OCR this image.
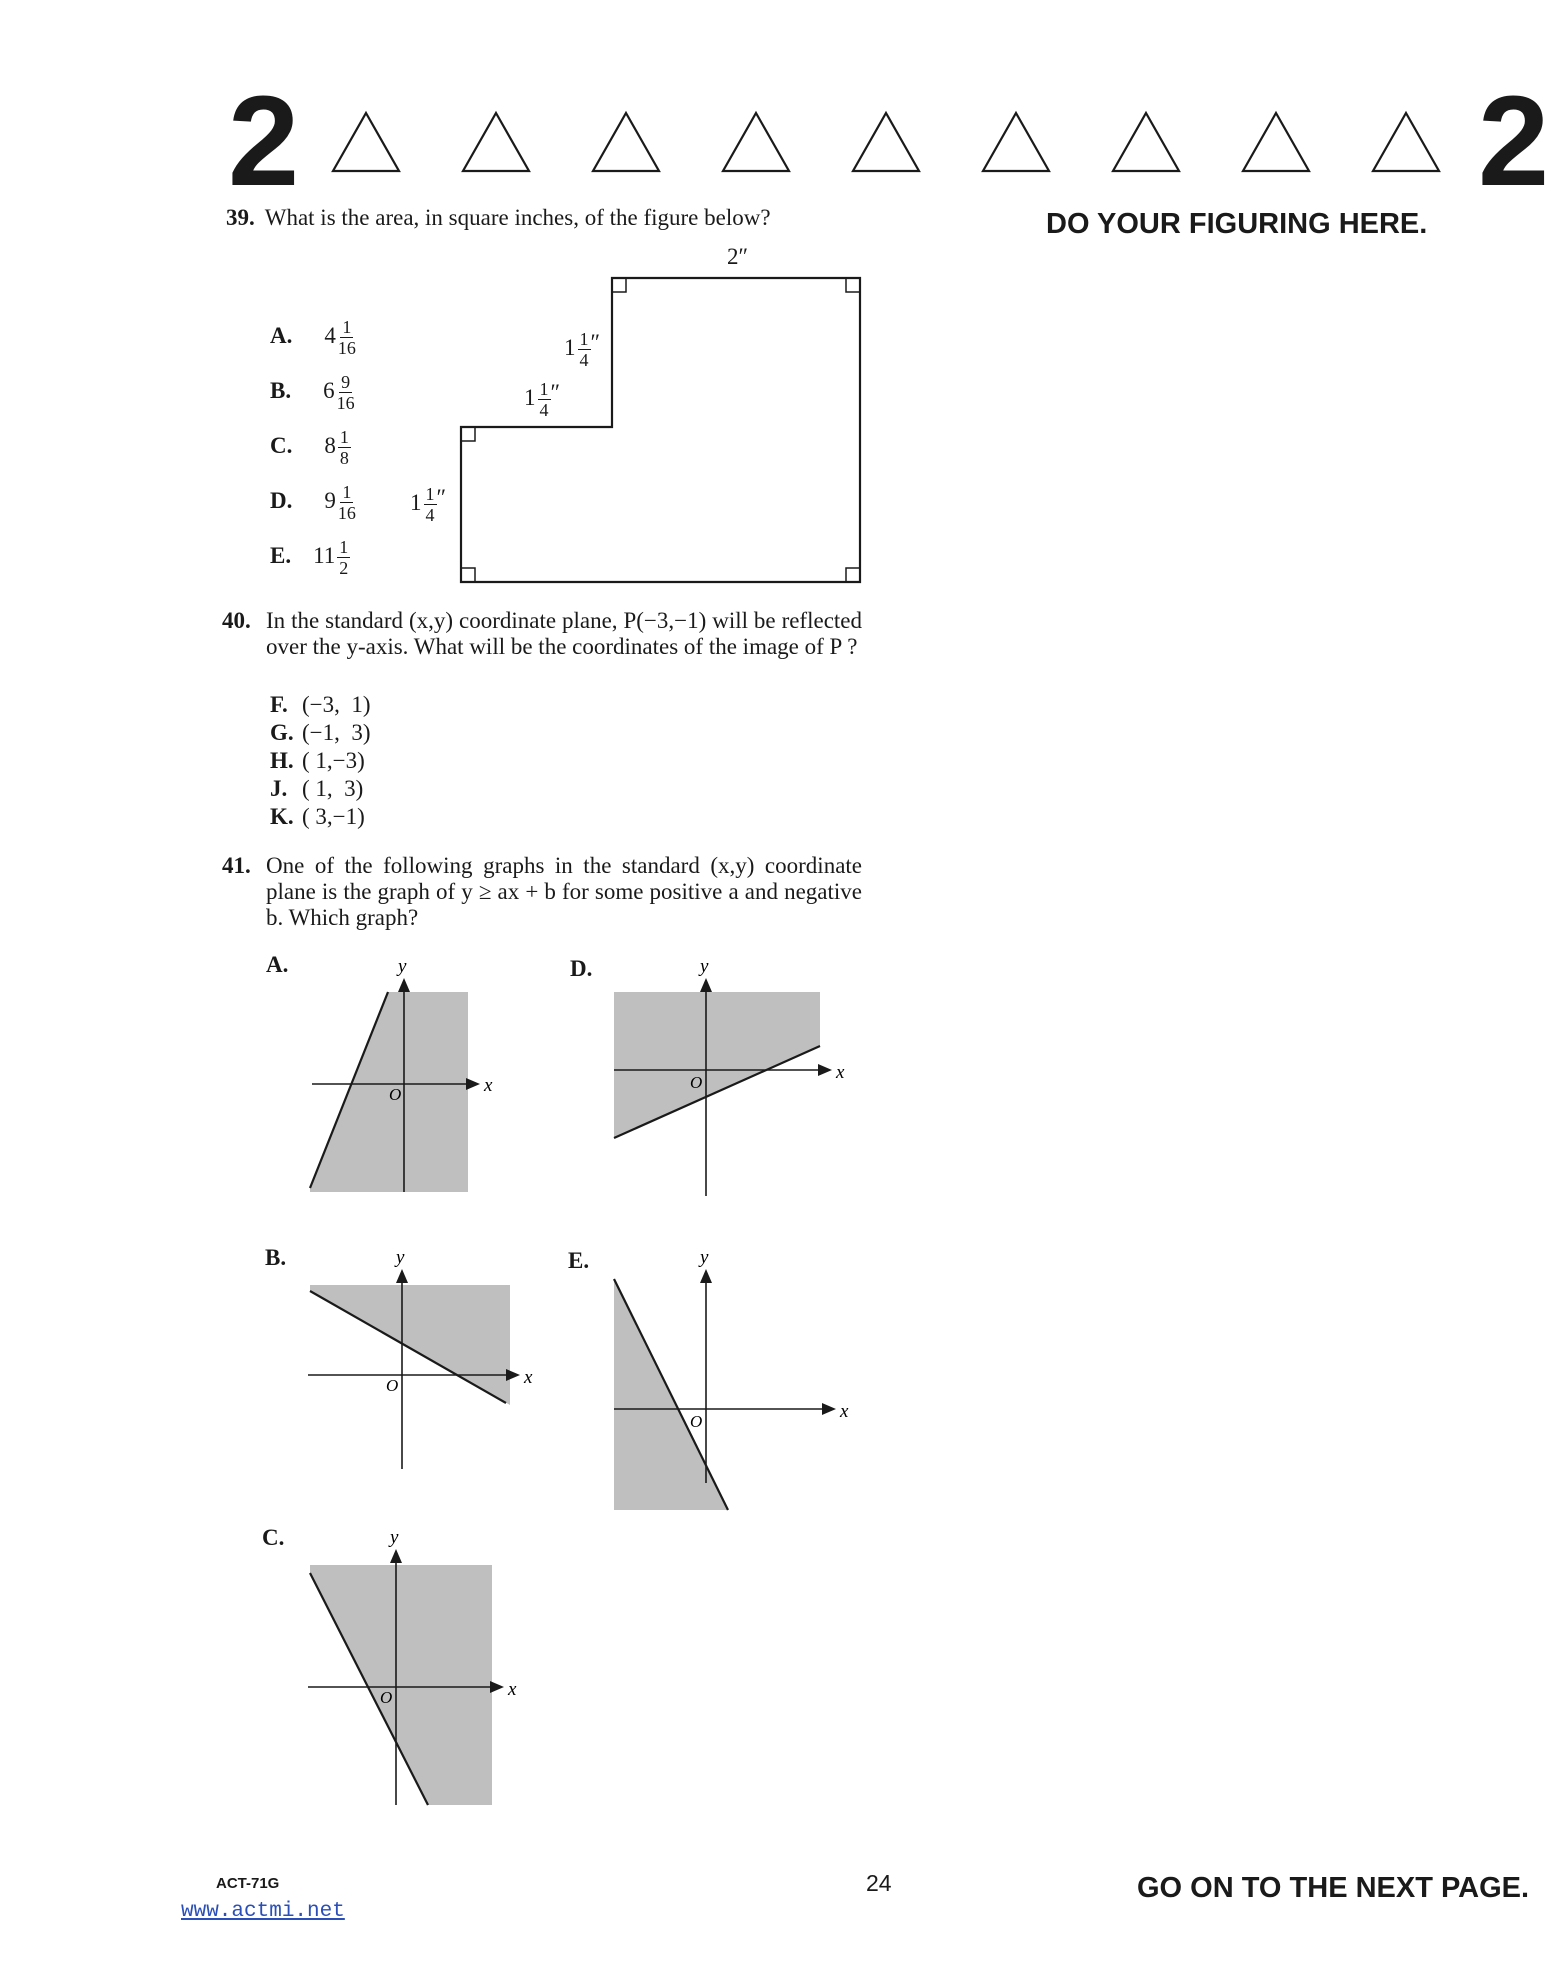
2	2
DO YOUR FIGURING HERE.
39. What is the area, in square inches, of the figure below?
A. $4 \frac{1}{16}$
B. $6 \frac{9}{16}$
C. $8 \frac{1}{8}$
D. $9 \frac{1}{16}$
E. $11 \frac{1}{2}$
2″
$1 \frac{1}{4}$ ″
$1 \frac{1}{4}$ ″
$1 \frac{1}{4}$ ″
40. In the standard (x,y) coordinate plane, P(−3,−1) will be reflected over the y-axis. What will be the coordinates of the image of P ?
F. (−3,  1)
G. (−1,  3)
H. ( 1,−3)
J. ( 1,  3)
K. ( 3,−1)
41. One of the following graphs in the standard (x,y) coordinate plane is the graph of y ≥ ax + b for some positive a and negative b. Which graph?
A.	D.
B.	E.
C.
x
y
O
x
y
O
x
y
O
x
y
O
x
y
O
ACT-71G
www.actmi.net
24	GO ON TO THE NEXT PAGE.
